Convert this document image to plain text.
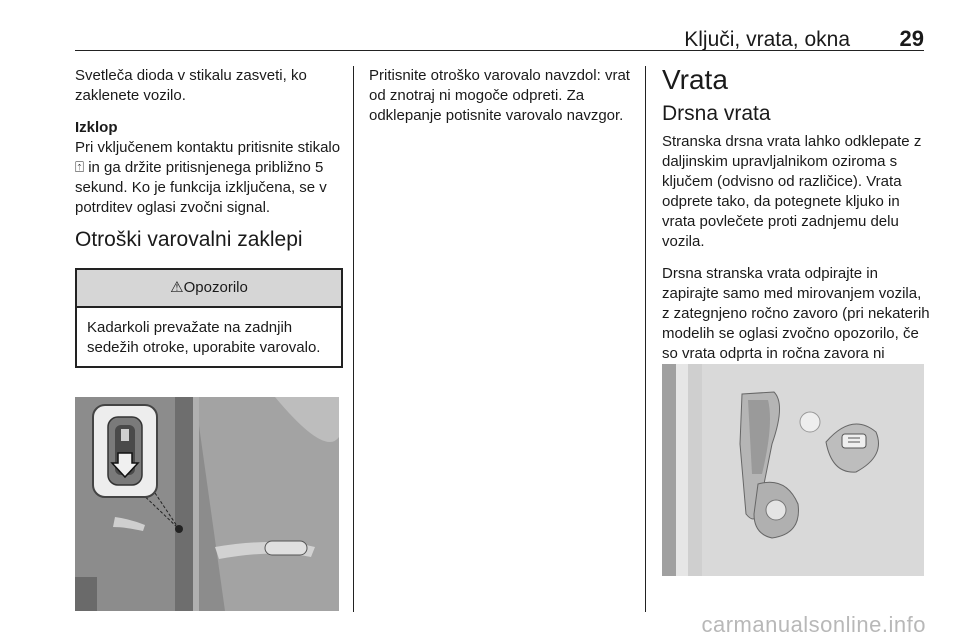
Ključi, vrata, okna 29

Svetleča dioda v stikalu zasveti, ko zaklenete vozilo.

Izklop

Pri vključenem kontaktu pritisnite stikalo ⍐ in ga držite pritisnjenega približno 5 sekund. Ko je funkcija izključena, se v potrditev oglasi zvočni signal.

Otroški varovalni zaklepi
⚠ Opozorilo
Kadarkoli prevažate na zadnjih sedežih otroke, uporabite varovalo.

Pritisnite otroško varovalo navzdol: vrat od znotraj ni mogoče odpreti. Za odklepanje potisnite varovalo navzgor.

Vrata
Drsna vrata

Stranska drsna vrata lahko odklepate z daljinskim upravljalnikom oziroma s ključem (odvisno od različice). Vrata odprete tako, da potegnete kljuko in vrata povlečete proti zadnjemu delu vozila.

Drsna stranska vrata odpirajte in zapirajte samo med mirovanjem vozila, z zategnjeno ročno zavoro (pri nekaterih modelih se oglasi zvočno opozorilo, če so vrata odprta in ročna zavora ni

carmanualsonline.info
